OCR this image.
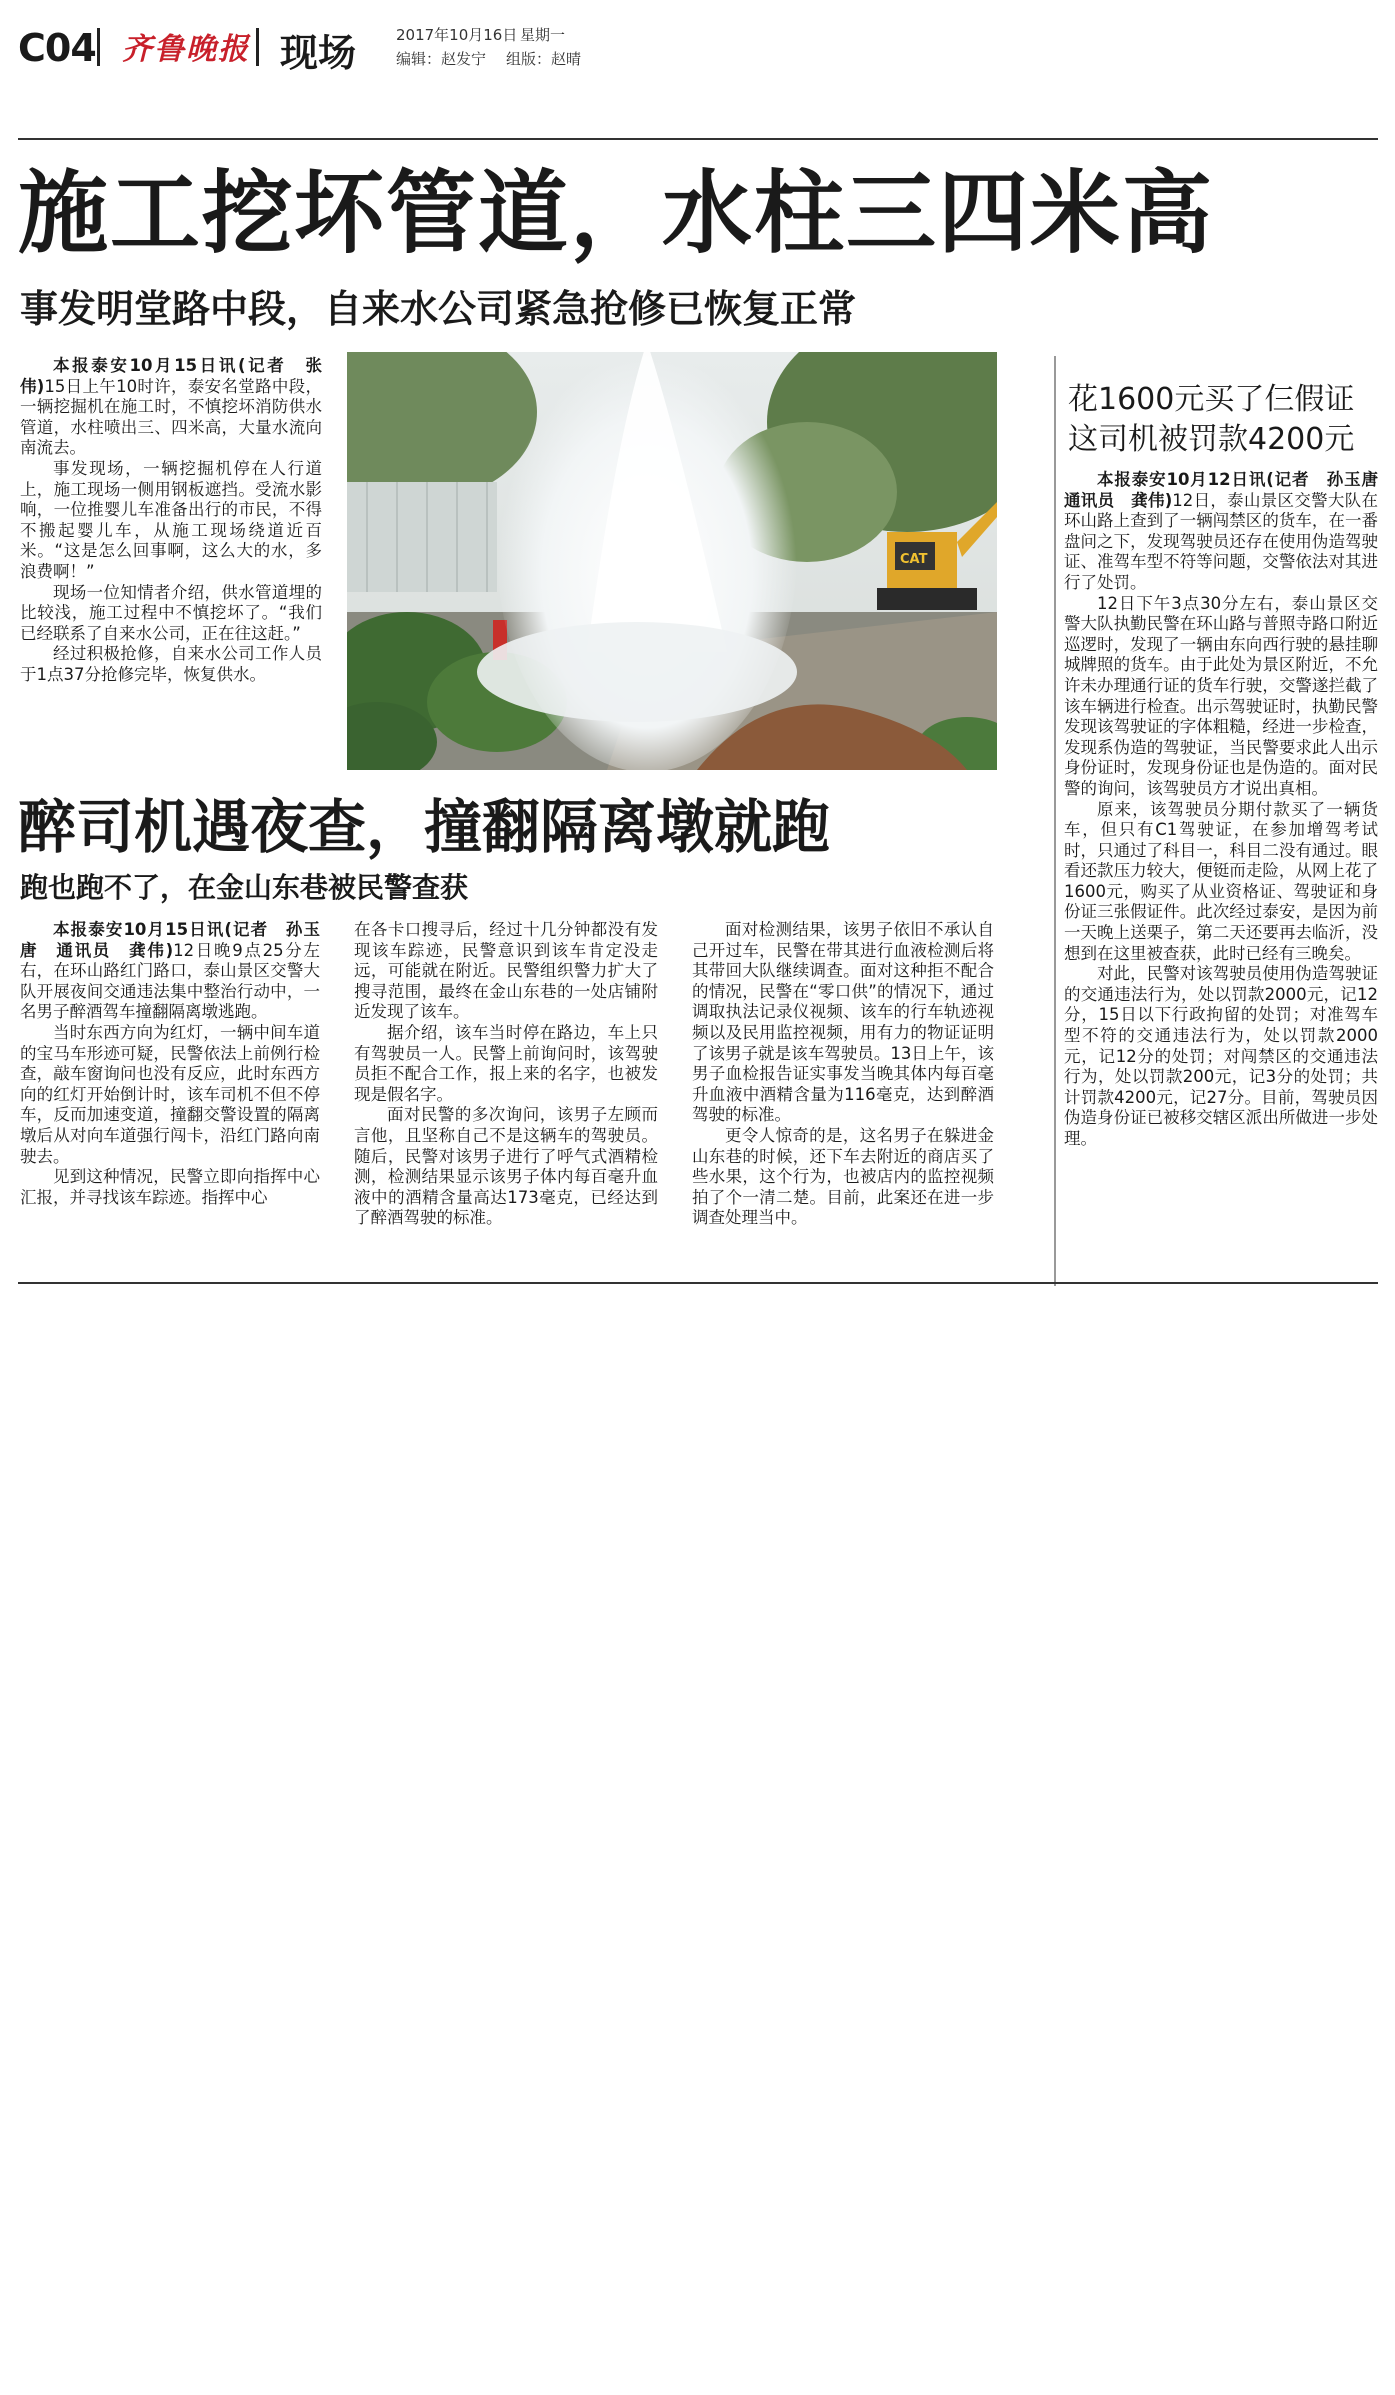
C04 齐鲁晚报 现场	2017年10月16日 星期一
编辑：赵发宁 组版：赵晴
施工挖坏管道，水柱三四米高
事发明堂路中段，自来水公司紧急抢修已恢复正常

本报泰安10月15日讯(记者　张伟)15日上午10时许，泰安名堂路中段，一辆挖掘机在施工时，不慎挖坏消防供水管道，水柱喷出三、四米高，大量水流向南流去。

事发现场，一辆挖掘机停在人行道上，施工现场一侧用钢板遮挡。受流水影响，一位推婴儿车准备出行的市民，不得不搬起婴儿车，从施工现场绕道近百米。“这是怎么回事啊，这么大的水，多浪费啊！”

现场一位知情者介绍，供水管道埋的比较浅，施工过程中不慎挖坏了。“我们已经联系了自来水公司，正在往这赶。”

经过积极抢修，自来水公司工作人员于1点37分抢修完毕，恢复供水。

CAT
醉司机遇夜查，撞翻隔离墩就跑
跑也跑不了，在金山东巷被民警查获

本报泰安10月15日讯(记者　孙玉唐　通讯员　龚伟)12日晚9点25分左右，在环山路红门路口，泰山景区交警大队开展夜间交通违法集中整治行动中，一名男子醉酒驾车撞翻隔离墩逃跑。

当时东西方向为红灯，一辆中间车道的宝马车形迹可疑，民警依法上前例行检查，敲车窗询问也没有反应，此时东西方向的红灯开始倒计时，该车司机不但不停车，反而加速变道，撞翻交警设置的隔离墩后从对向车道强行闯卡，沿红门路向南驶去。

见到这种情况，民警立即向指挥中心汇报，并寻找该车踪迹。指挥中心

在各卡口搜寻后，经过十几分钟都没有发现该车踪迹，民警意识到该车肯定没走远，可能就在附近。民警组织警力扩大了搜寻范围，最终在金山东巷的一处店铺附近发现了该车。

据介绍，该车当时停在路边，车上只有驾驶员一人。民警上前询问时，该驾驶员拒不配合工作，报上来的名字，也被发现是假名字。

面对民警的多次询问，该男子左顾而言他，且坚称自己不是这辆车的驾驶员。随后，民警对该男子进行了呼气式酒精检测，检测结果显示该男子体内每百毫升血液中的酒精含量高达173毫克，已经达到了醉酒驾驶的标准。

面对检测结果，该男子依旧不承认自己开过车，民警在带其进行血液检测后将其带回大队继续调查。面对这种拒不配合的情况，民警在“零口供”的情况下，通过调取执法记录仪视频、该车的行车轨迹视频以及民用监控视频，用有力的物证证明了该男子就是该车驾驶员。13日上午，该男子血检报告证实事发当晚其体内每百毫升血液中酒精含量为116毫克，达到醉酒驾驶的标准。

更令人惊奇的是，这名男子在躲进金山东巷的时候，还下车去附近的商店买了些水果，这个行为，也被店内的监控视频拍了个一清二楚。目前，此案还在进一步调查处理当中。

花1600元买了仨假证
这司机被罚款4200元

本报泰安10月12日讯(记者　孙玉唐　通讯员　龚伟)12日，泰山景区交警大队在环山路上查到了一辆闯禁区的货车，在一番盘问之下，发现驾驶员还存在使用伪造驾驶证、准驾车型不符等问题，交警依法对其进行了处罚。

12日下午3点30分左右，泰山景区交警大队执勤民警在环山路与普照寺路口附近巡逻时，发现了一辆由东向西行驶的悬挂聊城牌照的货车。由于此处为景区附近，不允许未办理通行证的货车行驶，交警遂拦截了该车辆进行检查。出示驾驶证时，执勤民警发现该驾驶证的字体粗糙，经进一步检查，发现系伪造的驾驶证，当民警要求此人出示身份证时，发现身份证也是伪造的。面对民警的询问，该驾驶员方才说出真相。

原来，该驾驶员分期付款买了一辆货车，但只有C1驾驶证，在参加增驾考试时，只通过了科目一，科目二没有通过。眼看还款压力较大，便铤而走险，从网上花了1600元，购买了从业资格证、驾驶证和身份证三张假证件。此次经过泰安，是因为前一天晚上送栗子，第二天还要再去临沂，没想到在这里被查获，此时已经有三晚矣。

对此，民警对该驾驶员使用伪造驾驶证的交通违法行为，处以罚款2000元，记12分，15日以下行政拘留的处罚；对准驾车型不符的交通违法行为，处以罚款2000元，记12分的处罚；对闯禁区的交通违法行为，处以罚款200元，记3分的处罚；共计罚款4200元，记27分。目前，驾驶员因伪造身份证已被移交辖区派出所做进一步处理。
